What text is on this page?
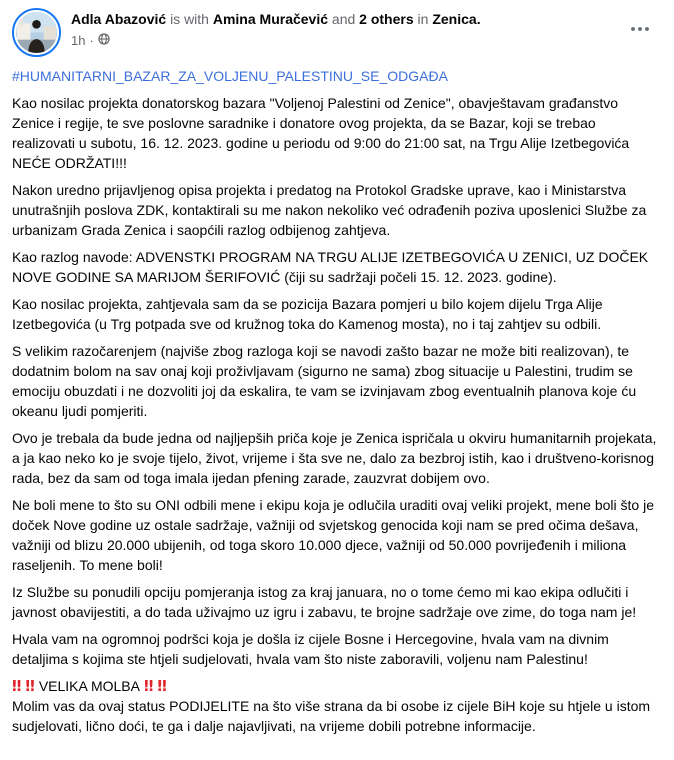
Adla Abazović is with Amina Muračević and 2 others in Zenica.
1h ·

#HUMANITARNI_BAZAR_ZA_VOLJENU_PALESTINU_SE_ODGAĐA

Kao nosilac projekta donatorskog bazara "Voljenoj Palestini od Zenice", obavještavam građanstvo Zenice i regije, te sve poslovne saradnike i donatore ovog projekta, da se Bazar, koji se trebao realizovati u subotu, 16. 12. 2023. godine u periodu od 9:00 do 21:00 sat, na Trgu Alije Izetbegovića NEĆE ODRŽATI!!!

Nakon uredno prijavljenog opisa projekta i predatog na Protokol Gradske uprave, kao i Ministarstva unutrašnjih poslova ZDK, kontaktirali su me nakon nekoliko već odrađenih poziva uposlenici Službe za urbanizam Grada Zenica i saopćili razlog odbijenog zahtjeva.

Kao razlog navode: ADVENSTKI PROGRAM NA TRGU ALIJE IZETBEGOVIĆA U ZENICI, UZ DOČEK NOVE GODINE SA MARIJOM ŠERIFOVIĆ (čiji su sadržaji počeli 15. 12. 2023. godine).

Kao nosilac projekta, zahtjevala sam da se pozicija Bazara pomjeri u bilo kojem dijelu Trga Alije Izetbegovića (u Trg potpada sve od kružnog toka do Kamenog mosta), no i taj zahtjev su odbili.

S velikim razočarenjem (najviše zbog razloga koji se navodi zašto bazar ne može biti realizovan), te dodatnim bolom na sav onaj koji proživljavam (sigurno ne sama) zbog situacije u Palestini, trudim se emociju obuzdati i ne dozvoliti joj da eskalira, te vam se izvinjavam zbog eventualnih planova koje ću okeanu ljudi pomjeriti.

Ovo je trebala da bude jedna od najljepših priča koje je Zenica ispričala u okviru humanitarnih projekata, a ja kao neko ko je svoje tijelo, život, vrijeme i šta sve ne, dalo za bezbroj istih, kao i društveno-korisnog rada, bez da sam od toga imala ijedan pfening zarade, zauzvrat dobijem ovo.

Ne boli mene to što su ONI odbili mene i ekipu koja je odlučila uraditi ovaj veliki projekt, mene boli što je doček Nove godine uz ostale sadržaje, važniji od svjetskog genocida koji nam se pred očima dešava, važniji od blizu 20.000 ubijenih, od toga skoro 10.000 djece, važniji od 50.000 povrijeđenih i miliona raseljenih. To mene boli!

Iz Službe su ponudili opciju pomjeranja istog za kraj januara, no o tome ćemo mi kao ekipa odlučiti i javnost obavijestiti, a do tada uživajmo uz igru i zabavu, te brojne sadržaje ove zime, do toga nam je!

Hvala vam na ogromnoj podršci koja je došla iz cijele Bosne i Hercegovine, hvala vam na divnim detaljima s kojima ste htjeli sudjelovati, hvala vam što niste zaboravili, voljenu nam Palestinu!

‼ ‼ VELIKA MOLBA ‼ ‼
Molim vas da ovaj status PODIJELITE na što više strana da bi osobe iz cijele BiH koje su htjele u istom sudjelovati, lično doći, te ga i dalje najavljivati, na vrijeme dobili potrebne informacije.
